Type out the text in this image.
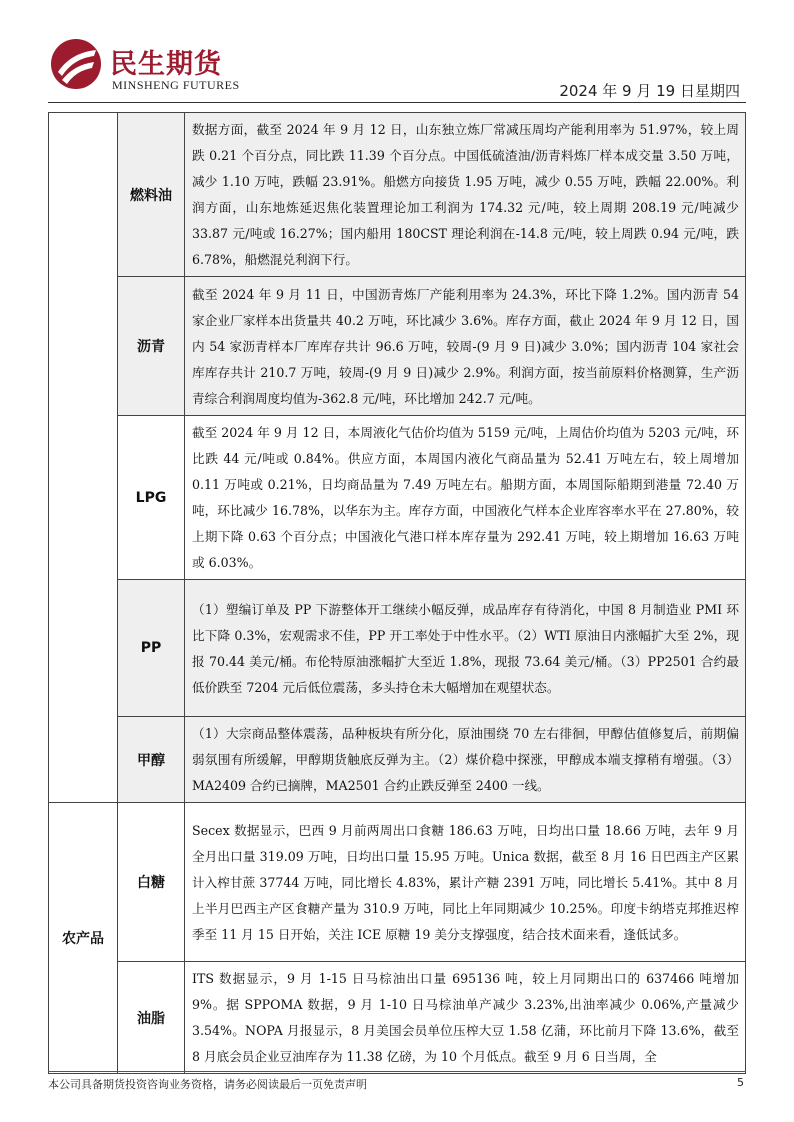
民生期货
MINSHENG FUTURES	2024 年 9 月 19 日星期四
	燃料油	数据方面，截至 2024 年 9 月 12 日，山东独立炼厂常减压周均产能利用率为 51.97%，较上周跌 0.21 个百分点，同比跌 11.39 个百分点。中国低硫渣油/沥青料炼厂样本成交量 3.50 万吨，减少 1.10 万吨，跌幅 23.91%。船燃方向接货 1.95 万吨，减少 0.55 万吨，跌幅 22.00%。利润方面，山东地炼延迟焦化装置理论加工利润为 174.32 元/吨，较上周期 208.19 元/吨减少 33.87 元/吨或 16.27%；国内船用 180CST 理论利润在-14.8 元/吨，较上周跌 0.94 元/吨，跌 6.78%，船燃混兑利润下行。
	沥青	截至 2024 年 9 月 11 日，中国沥青炼厂产能利用率为 24.3%，环比下降 1.2%。国内沥青 54 家企业厂家样本出货量共 40.2 万吨，环比减少 3.6%。库存方面，截止 2024 年 9 月 12 日，国内 54 家沥青样本厂库库存共计 96.6 万吨，较周-(9 月 9 日)减少 3.0%；国内沥青 104 家社会库库存共计 210.7 万吨，较周-(9 月 9 日)减少 2.9%。利润方面，按当前原料价格测算，生产沥青综合利润周度均值为-362.8 元/吨，环比增加 242.7 元/吨。
	LPG	截至 2024 年 9 月 12 日，本周液化气估价均值为 5159 元/吨，上周估价均值为 5203 元/吨，环比跌 44 元/吨或 0.84%。供应方面，本周国内液化气商品量为 52.41 万吨左右，较上周增加 0.11 万吨或 0.21%，日均商品量为 7.49 万吨左右。船期方面，本周国际船期到港量 72.40 万吨，环比减少 16.78%，以华东为主。库存方面，中国液化气样本企业库容率水平在 27.80%，较上期下降 0.63 个百分点；中国液化气港口样本库存量为 292.41 万吨，较上期增加 16.63 万吨或 6.03%。
	PP	（1）塑编订单及 PP 下游整体开工继续小幅反弹，成品库存有待消化，中国 8 月制造业 PMI 环比下降 0.3%，宏观需求不佳，PP 开工率处于中性水平。（2）WTI 原油日内涨幅扩大至 2%，现报 70.44 美元/桶。布伦特原油涨幅扩大至近 1.8%，现报 73.64 美元/桶。（3）PP2501 合约最低价跌至 7204 元后低位震荡，多头持仓未大幅增加在观望状态。
	甲醇	（1）大宗商品整体震荡，品种板块有所分化，原油围绕 70 左右徘徊，甲醇估值修复后，前期偏弱氛围有所缓解，甲醇期货触底反弹为主。（2）煤价稳中探涨，甲醇成本端支撑稍有增强。（3）MA2409 合约已摘牌，MA2501 合约止跌反弹至 2400 一线。
农产品	白糖	Secex 数据显示，巴西 9 月前两周出口食糖 186.63 万吨，日均出口量 18.66 万吨，去年 9 月全月出口量 319.09 万吨，日均出口量 15.95 万吨。Unica 数据，截至 8 月 16 日巴西主产区累计入榨甘蔗 37744 万吨，同比增长 4.83%，累计产糖 2391 万吨，同比增长 5.41%。其中 8 月上半月巴西主产区食糖产量为 310.9 万吨，同比上年同期减少 10.25%。印度卡纳塔克邦推迟榨季至 11 月 15 日开始，关注 ICE 原糖 19 美分支撑强度，结合技术面来看，逢低试多。
	油脂	ITS 数据显示，9 月 1-15 日马棕油出口量 695136 吨，较上月同期出口的 637466 吨增加 9%。据 SPPOMA 数据，9 月 1-10 日马棕油单产减少 3.23%,出油率减少 0.06%,产量减少 3.54%。NOPA 月报显示，8 月美国会员单位压榨大豆 1.58 亿蒲，环比前月下降 13.6%，截至 8 月底会员企业豆油库存为 11.38 亿磅，为 10 个月低点。截至 9 月 6 日当周，全
本公司具备期货投资咨询业务资格，请务必阅读最后一页免责声明	5
